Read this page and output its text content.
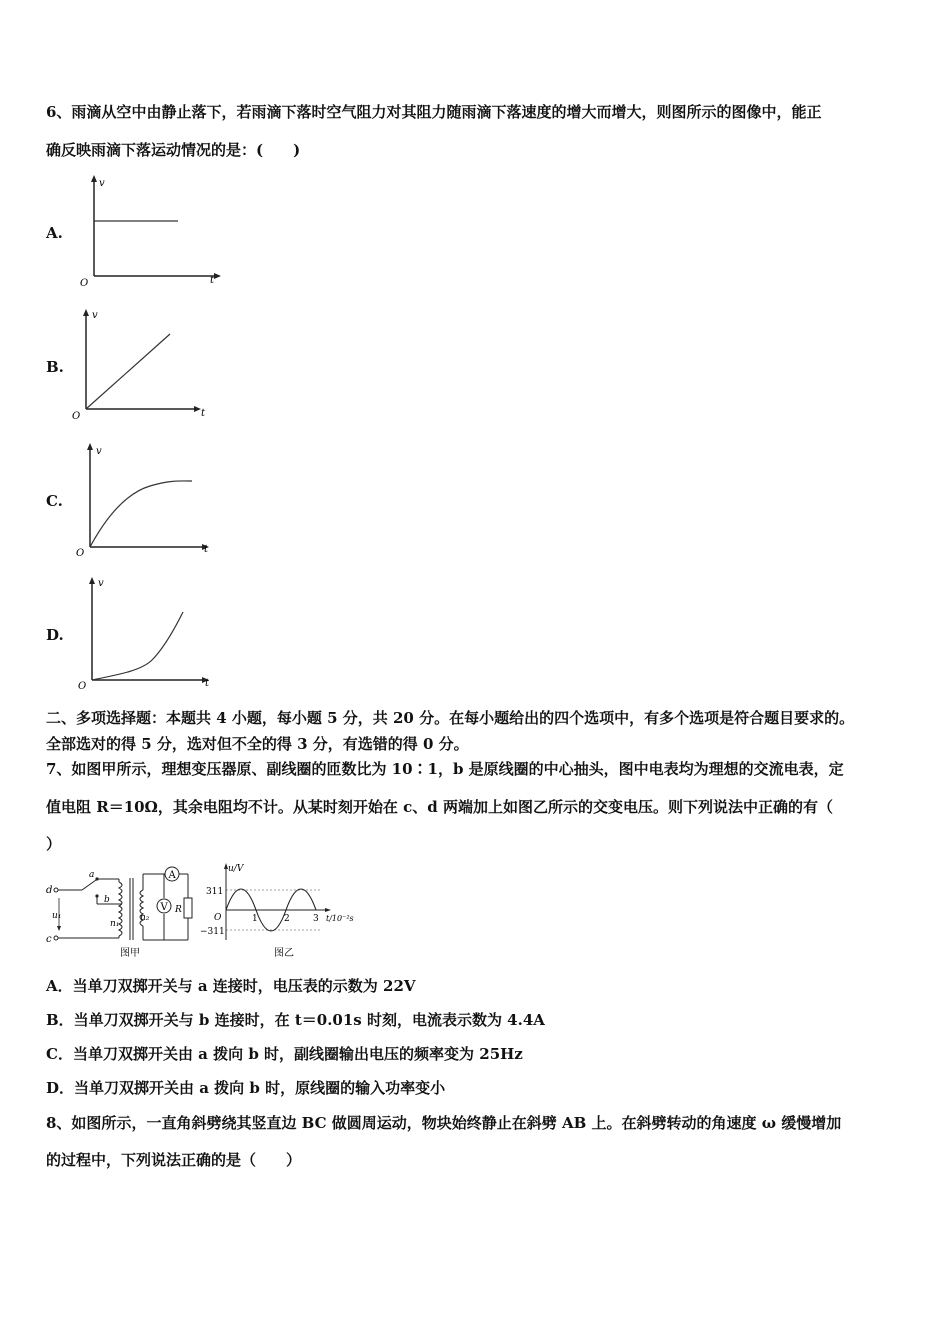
6、雨滴从空中由静止落下，若雨滴下落时空气阻力对其阻力随雨滴下落速度的增大而增大，则图所示的图像中，能正
确反映雨滴下落运动情况的是：(　　)
A.
v
t
O
B.
v
t
O
C.
v
t
O
D.
v
t
O
二、多项选择题：本题共 4 小题，每小题 5 分，共 20 分。在每小题给出的四个选项中，有多个选项是符合题目要求的。
全部选对的得 5 分，选对但不全的得 3 分，有选错的得 0 分。
7、如图甲所示，理想变压器原、副线圈的匝数比为 10∶1，b 是原线圈的中心抽头，图中电表均为理想的交流电表，定
值电阻 R＝10Ω，其余电阻均不计。从某时刻开始在 c、d 两端加上如图乙所示的交变电压。则下列说法中正确的有（
）
d
c
u₁
a
b
n₁
n₂
A
V R
图甲
u/V
311
−311
O	1	2	3 t/10⁻²s
图乙
A．当单刀双掷开关与 a 连接时，电压表的示数为 22V
B．当单刀双掷开关与 b 连接时，在 t＝0.01s 时刻，电流表示数为 4.4A
C．当单刀双掷开关由 a 拨向 b 时，副线圈输出电压的频率变为 25Hz
D．当单刀双掷开关由 a 拨向 b 时，原线圈的输入功率变小
8、如图所示，一直角斜劈绕其竖直边 BC 做圆周运动，物块始终静止在斜劈 AB 上。在斜劈转动的角速度 ω 缓慢增加
的过程中，下列说法正确的是（　　）
